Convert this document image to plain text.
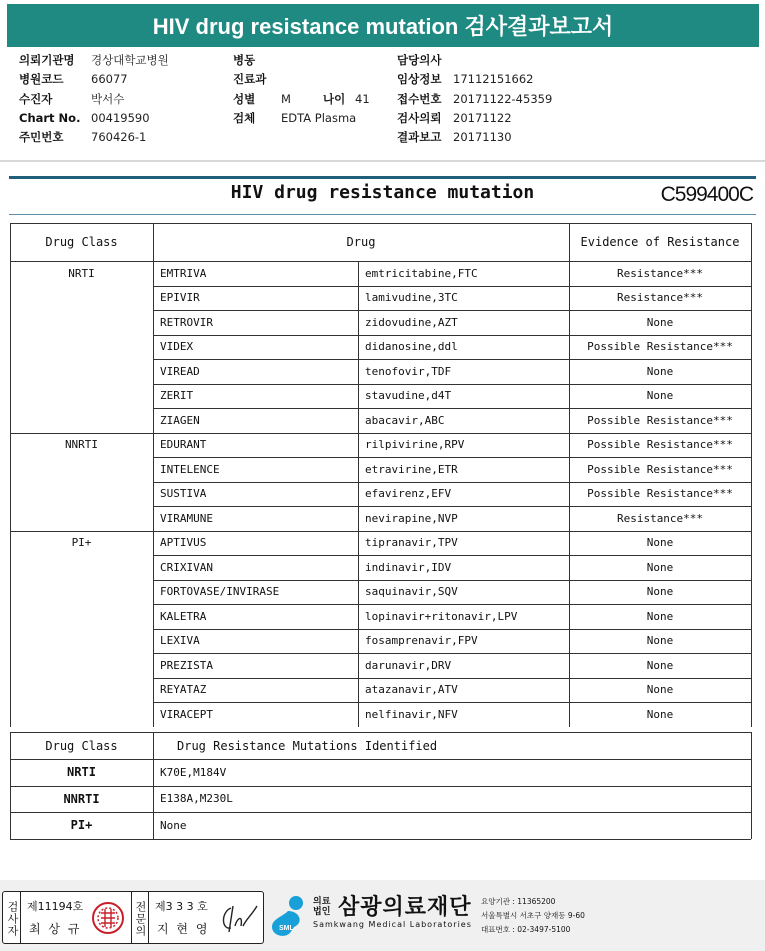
HIV drug resistance mutation 검사결과보고서
의뢰기관명 경상대학교병원
병원코드 66077
수진자	박서수
Chart No. 00419590
주민번호 760426-1
병동
진료과
성별 M	나이 41
검체 EDTA Plasma
담당의사
임상정보 17112151662
접수번호 20171122-45359
검사의뢰 20171122
결과보고 20171130
HIV drug resistance mutation	C599400C
Drug Class	Drug	Evidence of Resistance
NRTI	EMTRIVA	emtricitabine,FTC	Resistance***
EPIVIR	lamivudine,3TC	Resistance***
RETROVIR	zidovudine,AZT	None
VIDEX	didanosine,ddl	Possible Resistance***
VIREAD	tenofovir,TDF	None
ZERIT	stavudine,d4T	None
ZIAGEN	abacavir,ABC	Possible Resistance***
NNRTI	EDURANT	rilpivirine,RPV	Possible Resistance***
INTELENCE	etravirine,ETR	Possible Resistance***
SUSTIVA	efavirenz,EFV	Possible Resistance***
VIRAMUNE	nevirapine,NVP	Resistance***
PI+	APTIVUS	tipranavir,TPV	None
CRIXIVAN	indinavir,IDV	None
FORTOVASE/INVIRASE	saquinavir,SQV	None
KALETRA	lopinavir+ritonavir,LPV	None
LEXIVA	fosamprenavir,FPV	None
PREZISTA	darunavir,DRV	None
REYATAZ	atazanavir,ATV	None
VIRACEPT	nelfinavir,NFV	None
Drug Class	Drug Resistance Mutations Identified
NRTI	K70E,M184V
NNRTI	E138A,M230L
PI+	None
검사자 제11194호
최 상 규	전문의 제3 3 3 호
지 현 영	SML
의료법인 삼광의료재단
Samkwang Medical Laboratories
요양기관 : 11365200
서울특별시 서초구 양재동 9-60
대표번호 : 02-3497-5100
